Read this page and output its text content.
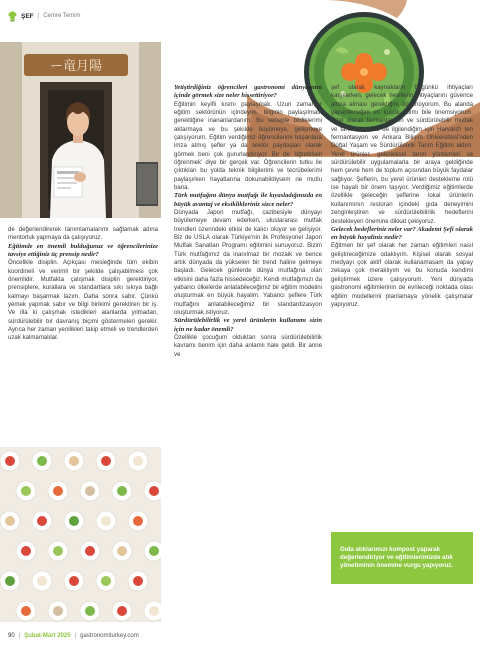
ŞEF | Cemre Temim
ー竜月陽

de değerlendirerek tanımlamalarımı sağlamak adına mentorluk yapmaya da çalışıyoruz.

Eğitimde en önemli bulduğunuz ve öğrencilerinize tavsiye ettiğiniz üç prensip nedir?

Öncelikle disiplin. Açıkçası mesleğinde tüm ekibin koordineli ve verimli bir şekilde çalışabilmesi çok önemlidir. Mutfakta çalışmak disiplin gerektiriyor, prensiplere, kurallara ve standartlara sıkı sıkıya bağlı kalmayı başarmak lazım. Daha sonra sabır. Çünkü yemek yapmak sabır ve bilgi birikimi gerektiren bir iş. Ve illa ki çalışmak istedikleri alanlarda yılmadan, sürdürülebilir bir davranış biçimi göstermeleri gerekir. Ayrıca her zaman yenilikleri takip etmeli ve trendlerden uzak kalmamalılar.

Yetiştirdiğiniz öğrencileri gastronomi dünyasının içinde görmek size neler hissettiriyor?

Eğitimin keyifli kısmı paylaşmak. Uzun zamandır eğitim sektörünün içindeyim, bilginin paylaşılması gerektiğine inananlardanım. Bu sebeple bildiklerimi aktarmaya ve bu şekilde büyümeye, gelişmeye çalışıyorum. Eğitim verdiğimiz öğrencilerimi başarılara imza atmış şefler ya da sektör paydaşları olarak görmek beni çok gururlandırıyor. Bir de 'öğretirken öğrenmek' diye bir gerçek var. Öğrencilerin tutku ile çıktıkları bu yolda teknik bilgilerimi ve tecrübelerimi paylaşırken hayatlarına dokunabildiysem ne mutlu bana.

Türk mutfağını dünya mutfağı ile kıyasladığınızda en büyük avantaj ve eksiklikleriniz sizce neler?

Dünyada Japon mutfağı, cazibesiyle dünyayı büyülemeye devam ederken, uluslararası mutfak trendleri üzerindeki etkisi de kalıcı oluyor ve gelişiyor. Biz de USLA olarak Türkiye'nin ilk Profesyonel Japon Mutfak Sanatları Programı eğitimini sunuyoruz. Bizim Türk mutfağımız da inanılmaz bir mozaik ve bence artık dünyada da yükselen bir trend haline gelmeye başladı. Gelecek günlerde dünya mutfağına olan etkisini daha fazla hissedeceğiz. Kendi mutfağımızı da yabancı ülkelerde anlatabileceğimiz bir eğitim modelini oluşturmak en büyük hayalim. Yabancı şeflere Türk mutfağını anlatabileceğimiz bir standardizasyon oluşturmak istiyoruz.

Sürdürülebilirlik ve yerel ürünlerin kullanımı sizin için ne kadar önemli?

Özellikle çocuğum olduktan sonra sürdürülebilirlik kavramı benim için daha anlamlı hale geldi. Bir anne ve

şef olarak kaynakların bugünkü ihtiyaçları karşılarken, gelecek nesillerin ihtiyaçlarını güvence altına alması gerektiğini düşünüyorum. Bu alanda yapabileceğim en küçük adımı bile önemsiyorum. Özel olarak fermantasyon ve sürdürülebilir mutfak ve tarım alanı ile de ilgilendiğim için Harvard'ı ten fermantasyon ve Ankara Bilişim Üniversitesi'nden Doğal Yaşam ve Sürdürülebilir Tarım Eğitimi aldım. Yerel ürünler, geleneksel tarım yöntemleri ve sürdürülebilir uygulamalarla bir araya geldiğinde hem çevre hem de toplum açısından büyük faydalar sağlıyor. Şeflerin, bu yerel ürünleri destekleme rolü ise hayati bir önem taşıyor. Verdiğimiz eğitimlerde özellikle geleceğin şeflerine lokal ürünlerin kullanımının restoran içindeki gıda deneyimini zenginleştiren ve sürdürülebilirlik hedeflerini destekleyen önemine dikkat çekiyoruz.

Gelecek hedefleriniz neler var? Akademi Şefi olarak en büyük hayaliniz nedir?

Eğitmen bir şef olarak her zaman eğitimleri nasıl geliştireceğimize odaklıyım. Kişisel olarak sosyal medyayı çok aktif olarak kullanamasam da yapay zekaya çok meraklıyım ve bu konuda kendimi geliştirmek üzere çalışıyorum. Yeni dünyada gastronomi eğitimlerinin de evrileceği noktada olası eğitim modellerini planlamaya yönelik çalışmalar yapıyoruz.

Gıda atıklarımızı kompost yaparak değerlendiriyor ve eğitimlerimizde atık yönetiminin önemine vurgu yapıyoruz.
90 | Şubat-Mart 2025 | gastronomiturkey.com
